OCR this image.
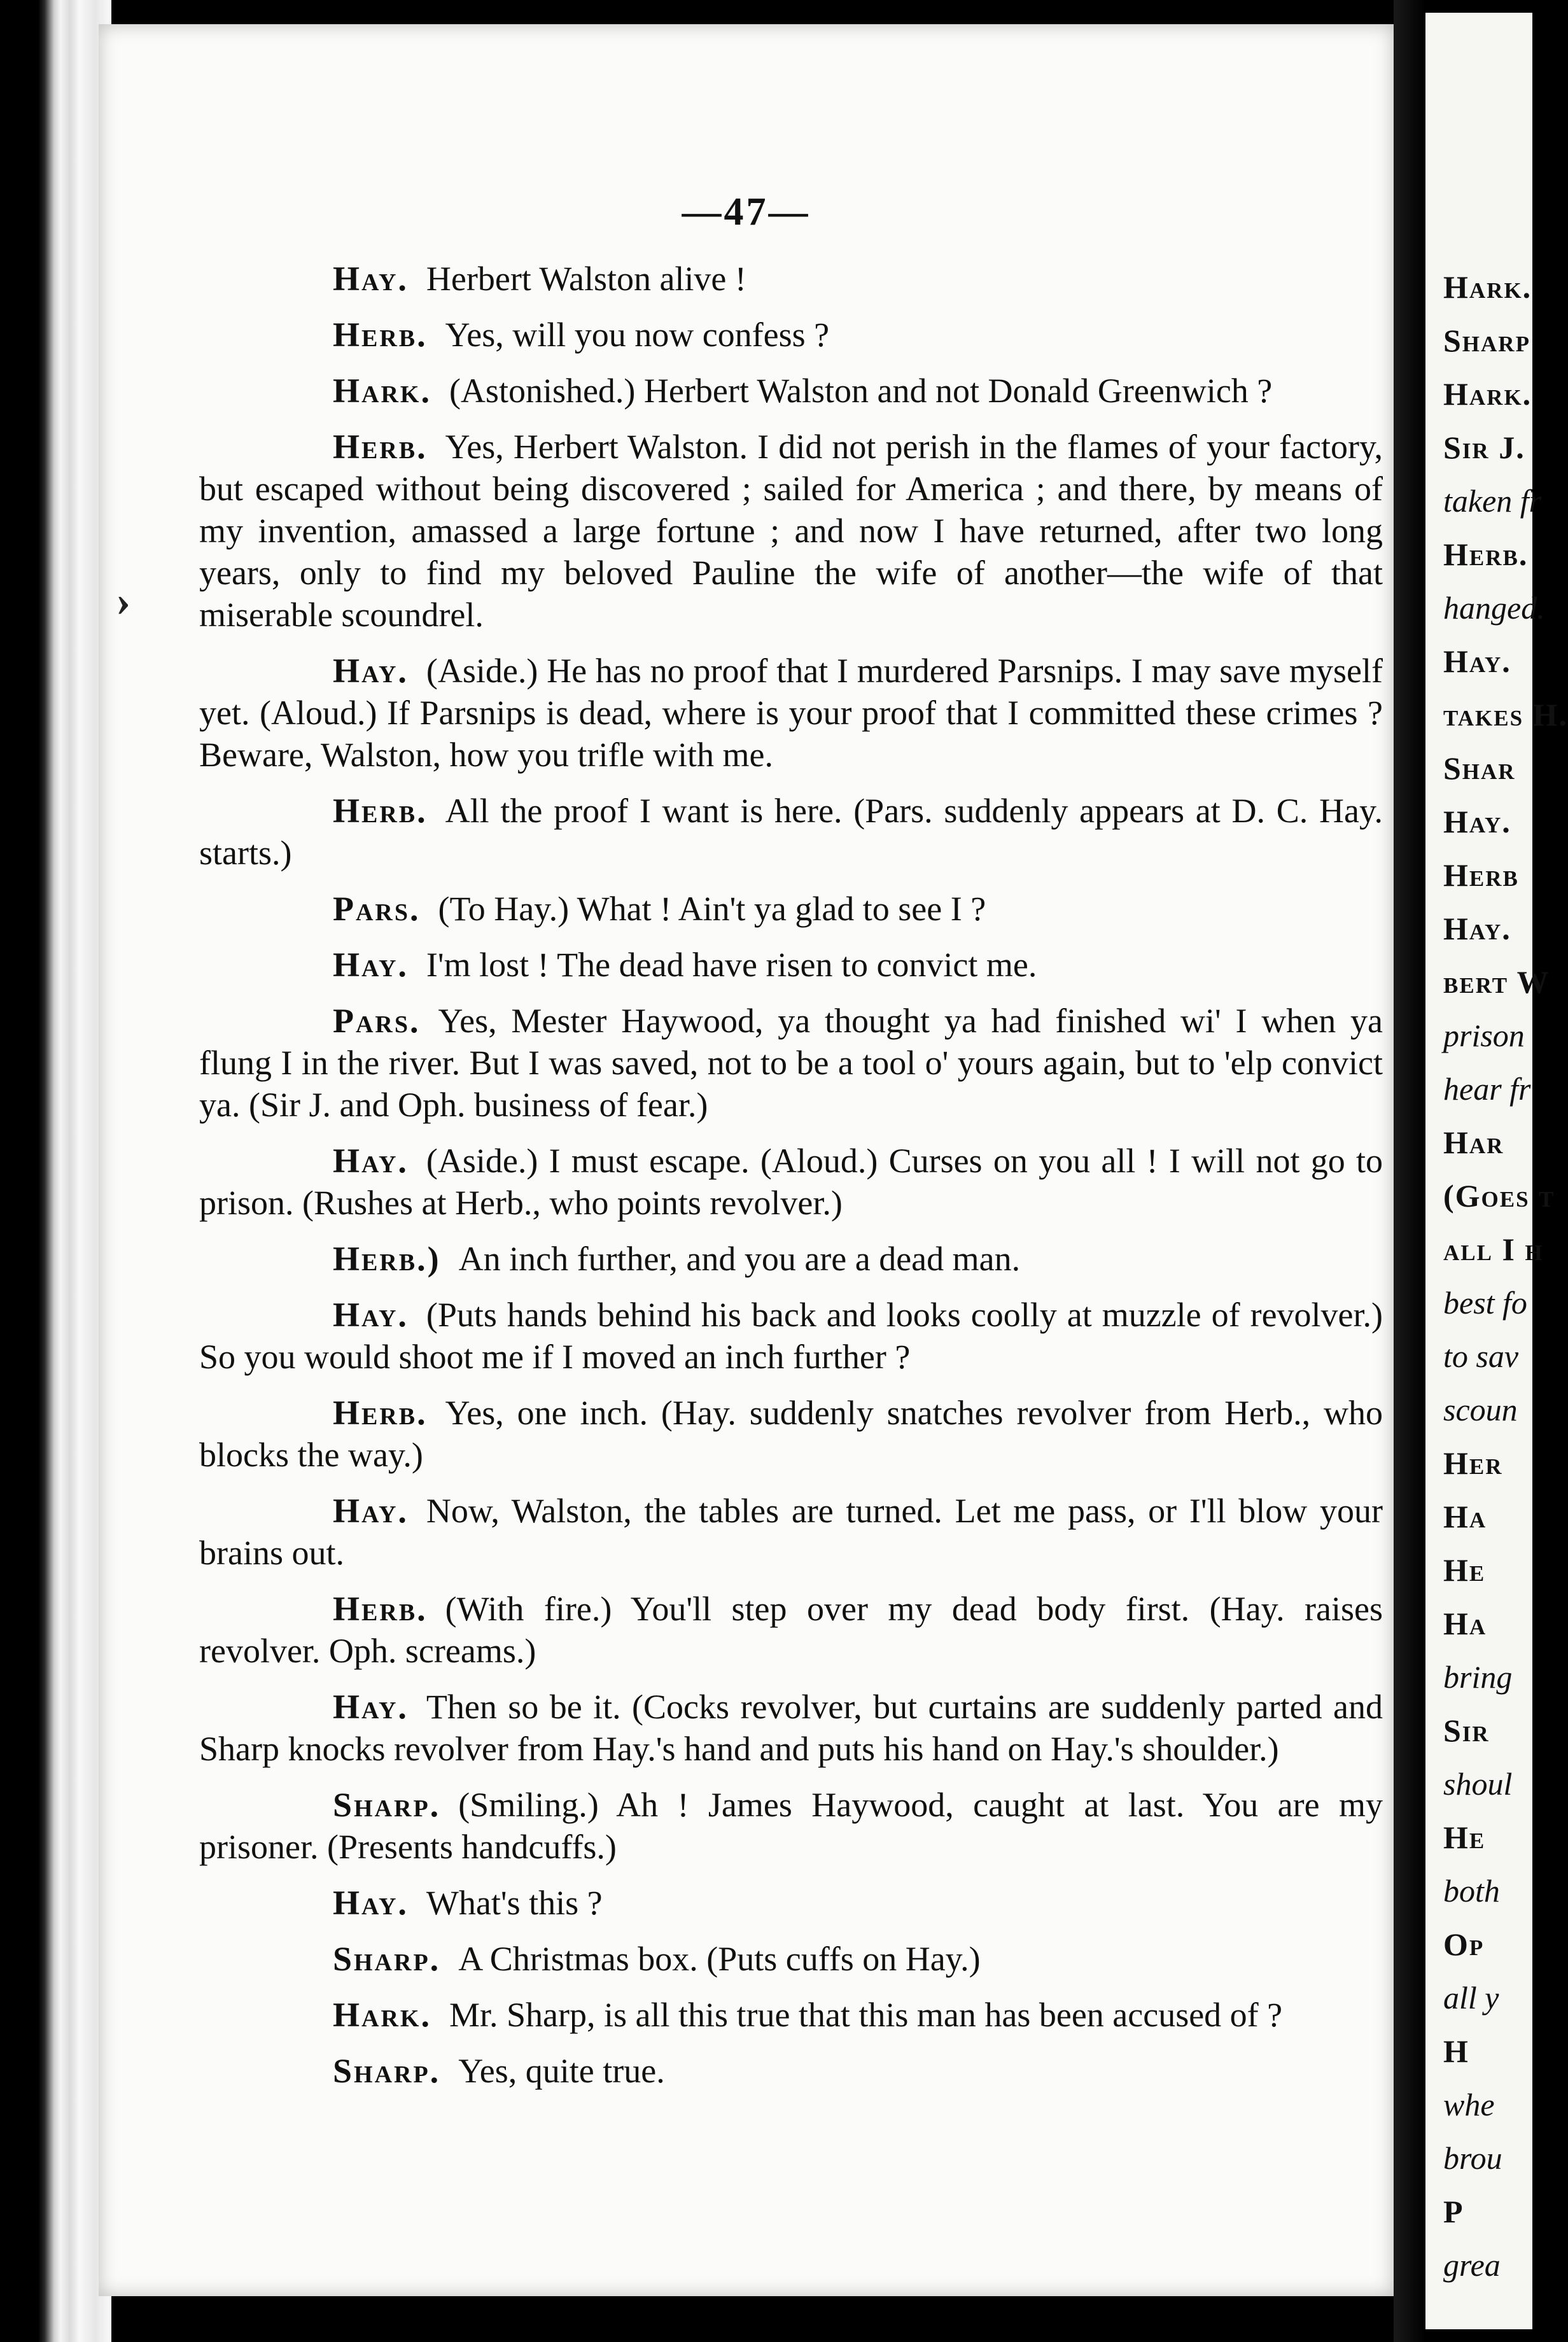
—47—
›

Hay. Herbert Walston alive !

Herb. Yes, will you now confess ?

Hark. (Astonished.) Herbert Walston and not Donald Greenwich ?

Herb. Yes, Herbert Walston. I did not perish in the flames of your factory, but escaped without being discovered ; sailed for America ; and there, by means of my invention, amassed a large fortune ; and now I have returned, after two long years, only to find my beloved Pauline the wife of another—the wife of that miserable scoundrel.

Hay. (Aside.) He has no proof that I murdered Parsnips. I may save myself yet. (Aloud.) If Parsnips is dead, where is your proof that I committed these crimes ? Beware, Walston, how you trifle with me.

Herb. All the proof I want is here. (Pars. suddenly appears at D. C. Hay. starts.)

Pars. (To Hay.) What ! Ain't ya glad to see I ?

Hay. I'm lost ! The dead have risen to convict me.

Pars. Yes, Mester Haywood, ya thought ya had finished wi' I when ya flung I in the river. But I was saved, not to be a tool o' yours again, but to 'elp convict ya. (Sir J. and Oph. business of fear.)

Hay. (Aside.) I must escape. (Aloud.) Curses on you all ! I will not go to prison. (Rushes at Herb., who points revolver.)

Herb.) An inch further, and you are a dead man.

Hay. (Puts hands behind his back and looks coolly at muzzle of revolver.) So you would shoot me if I moved an inch further ?

Herb. Yes, one inch. (Hay. suddenly snatches revolver from Herb., who blocks the way.)

Hay. Now, Walston, the tables are turned. Let me pass, or I'll blow your brains out.

Herb. (With fire.) You'll step over my dead body first. (Hay. raises revolver. Oph. screams.)

Hay. Then so be it. (Cocks revolver, but curtains are suddenly parted and Sharp knocks revolver from Hay.'s hand and puts his hand on Hay.'s shoulder.)

Sharp. (Smiling.) Ah ! James Haywood, caught at last. You are my prisoner. (Presents handcuffs.)

Hay. What's this ?

Sharp. A Christmas box. (Puts cuffs on Hay.)

Hark. Mr. Sharp, is all this true that this man has been accused of ?

Sharp. Yes, quite true.

Hark.
Sharp
Hark.
Sir J.
taken fr
Herb.
hanged.
Hay.
takes H.
Shar
Hay.
Herb
Hay.
bert W
prison
hear fr
Har
(Goes t
all I h
best fo
to sav
scoun
Her
Ha
He
Ha
bring
Sir
shoul
He
both
Op
all y
H
whe
brou
P
grea
